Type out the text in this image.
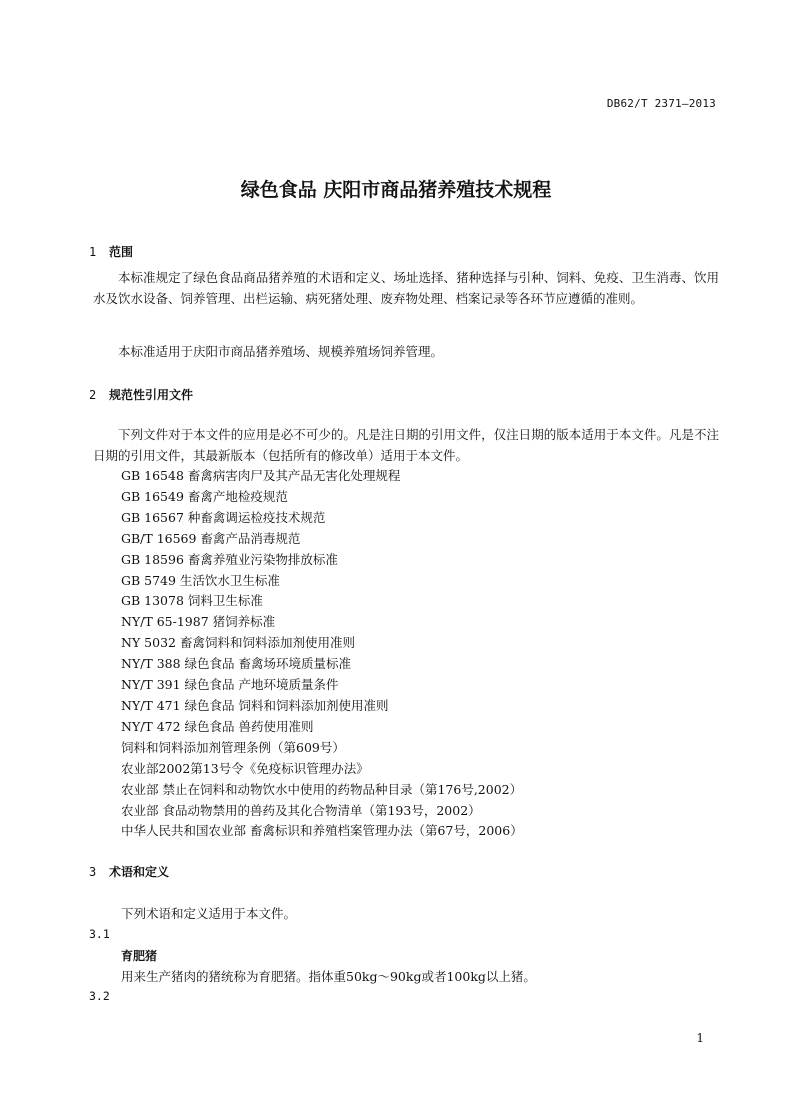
DB62/T 2371—2013
绿色食品 庆阳市商品猪养殖技术规程
1 范围
本标准规定了绿色食品商品猪养殖的术语和定义、场址选择、猪种选择与引种、饲料、免疫、卫生消毒、饮用水及饮水设备、饲养管理、出栏运输、病死猪处理、废弃物处理、档案记录等各环节应遵循的准则。
本标准适用于庆阳市商品猪养殖场、规模养殖场饲养管理。
2 规范性引用文件
下列文件对于本文件的应用是必不可少的。凡是注日期的引用文件，仅注日期的版本适用于本文件。凡是不注日期的引用文件，其最新版本（包括所有的修改单）适用于本文件。
GB 16548 畜禽病害肉尸及其产品无害化处理规程
GB 16549 畜禽产地检疫规范
GB 16567 种畜禽调运检疫技术规范
GB/T 16569 畜禽产品消毒规范
GB 18596 畜禽养殖业污染物排放标准
GB 5749 生活饮水卫生标准
GB 13078 饲料卫生标准
NY/T 65-1987 猪饲养标准
NY 5032 畜禽饲料和饲料添加剂使用准则
NY/T 388 绿色食品 畜禽场环境质量标准
NY/T 391 绿色食品 产地环境质量条件
NY/T 471 绿色食品 饲料和饲料添加剂使用准则
NY/T 472 绿色食品 兽药使用准则
饲料和饲料添加剂管理条例（第609号）
农业部2002第13号令《免疫标识管理办法》
农业部 禁止在饲料和动物饮水中使用的药物品种目录（第176号,2002）
农业部 食品动物禁用的兽药及其化合物清单（第193号，2002）
中华人民共和国农业部 畜禽标识和养殖档案管理办法（第67号，2006）
3 术语和定义
下列术语和定义适用于本文件。
3.1
育肥猪
用来生产猪肉的猪统称为育肥猪。指体重50kg～90kg或者100kg以上猪。
3.2
1
